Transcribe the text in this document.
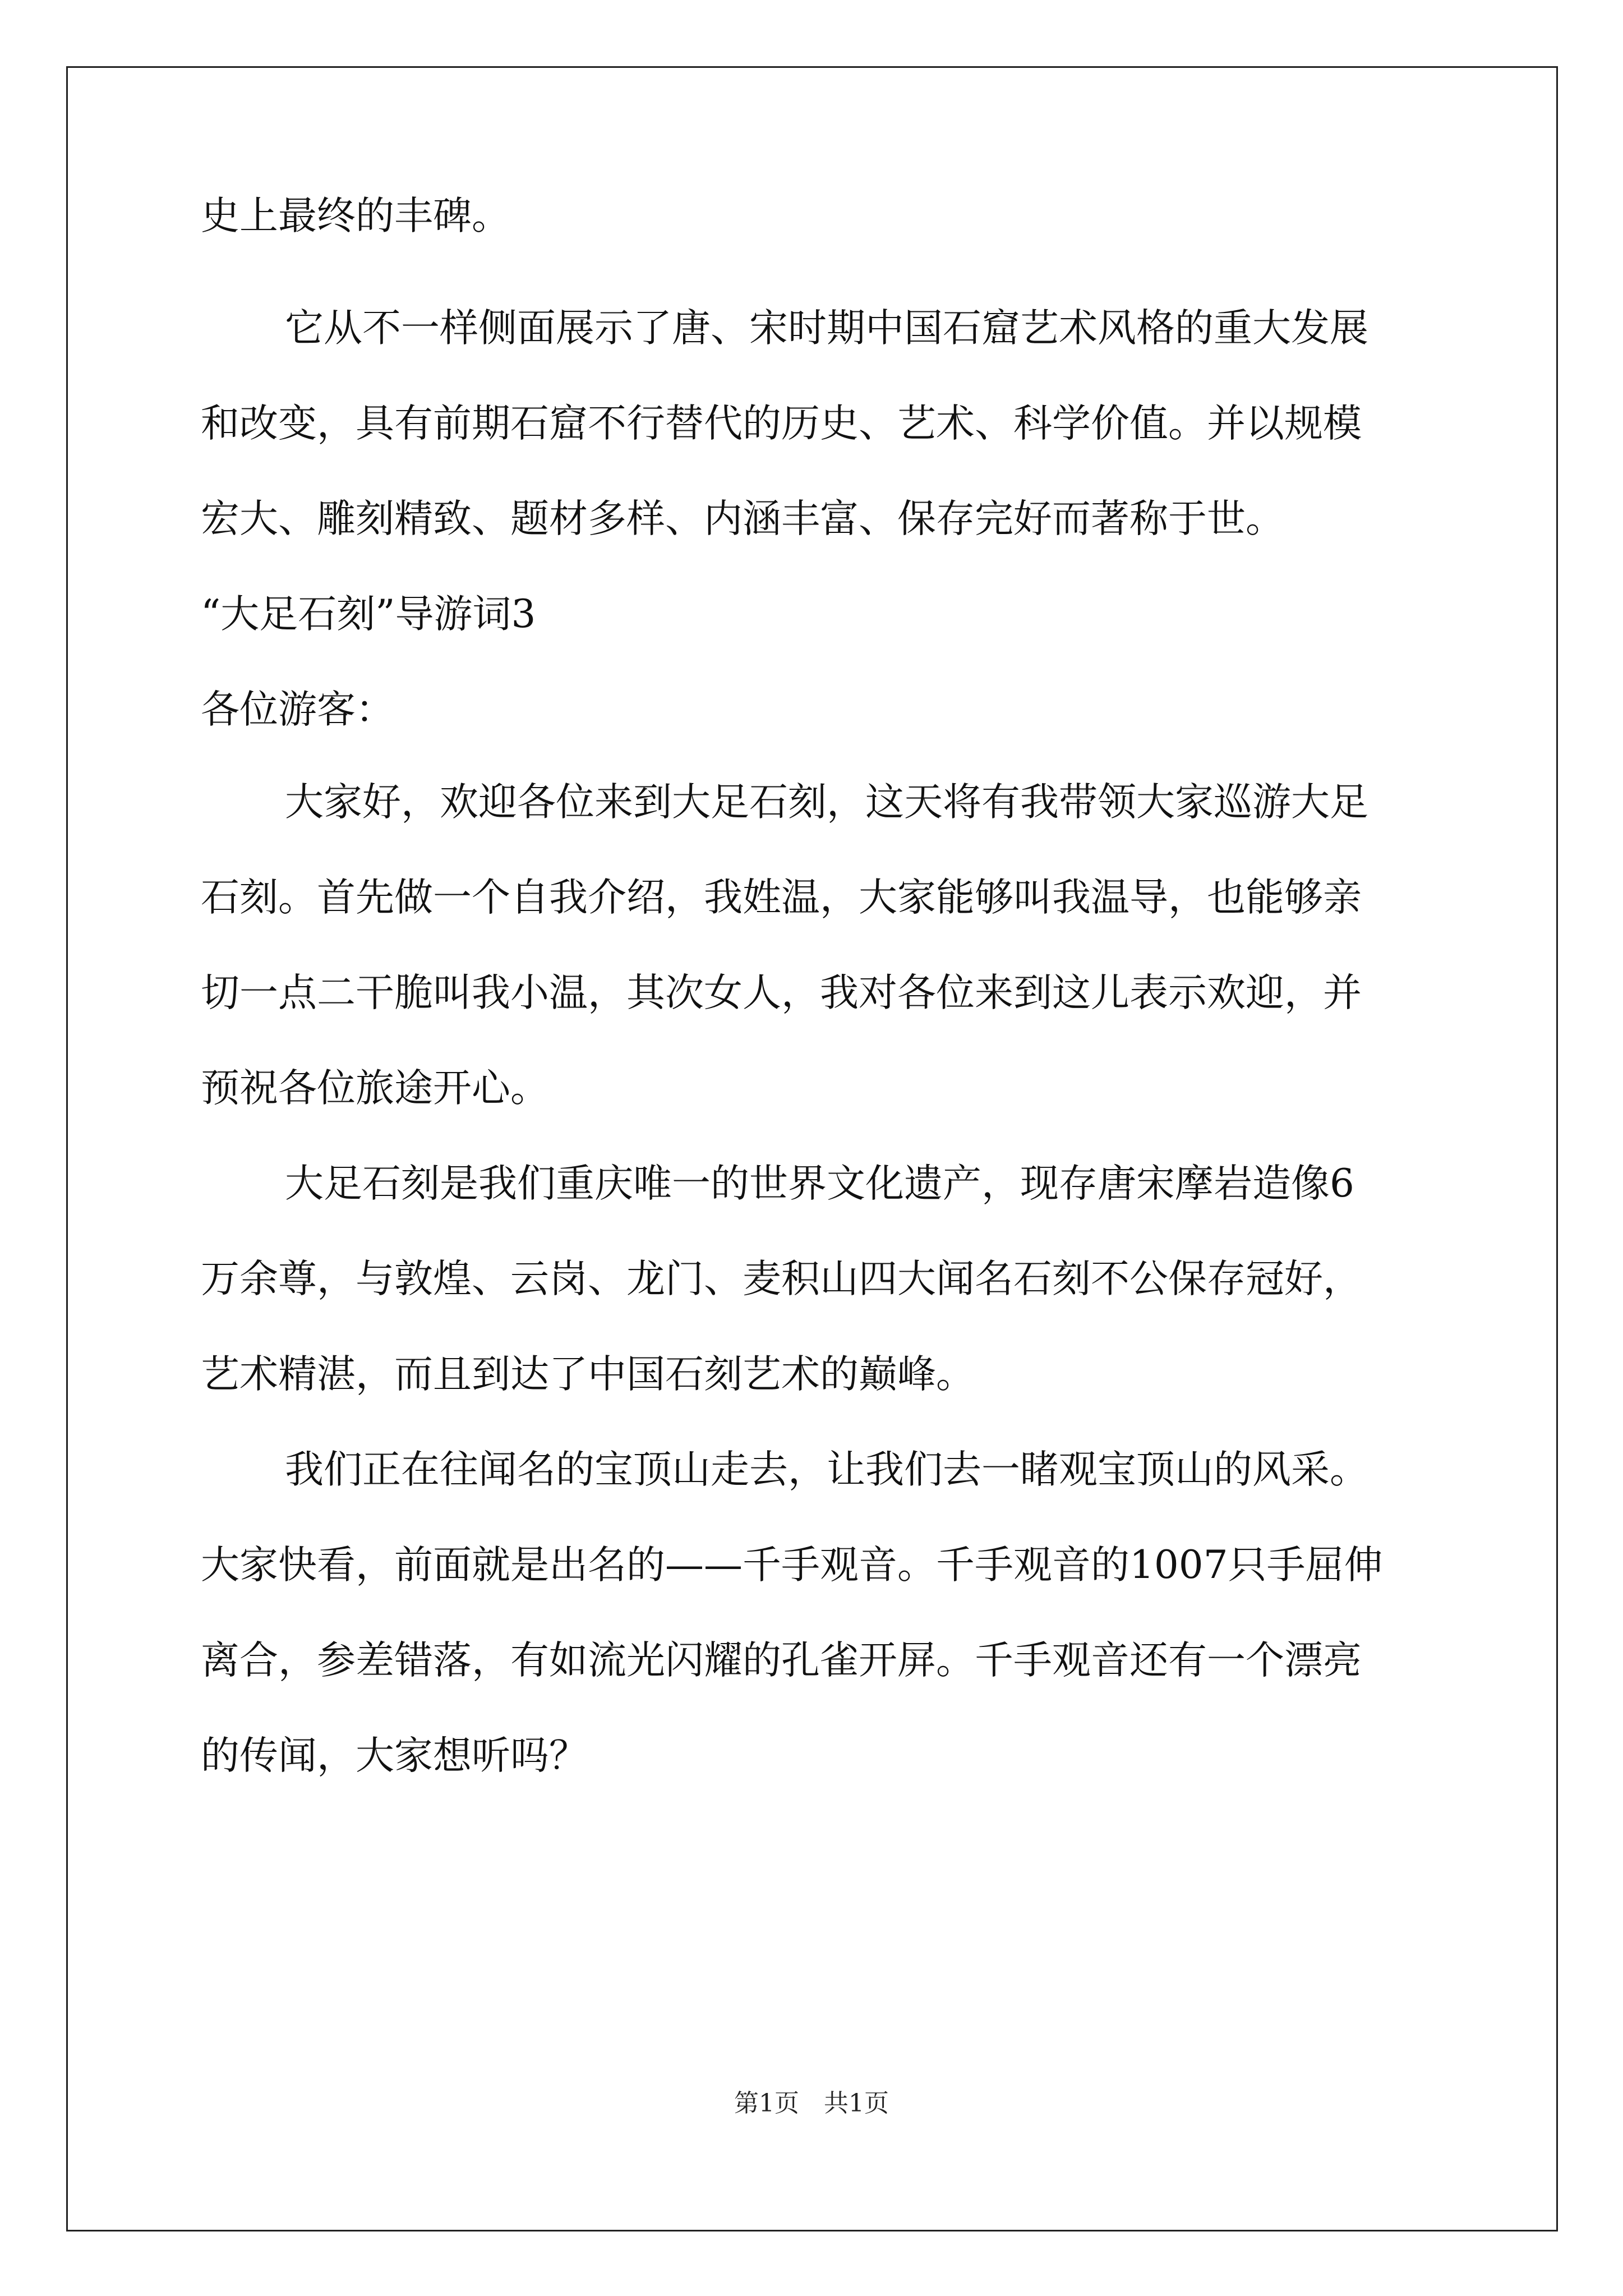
史上最终的丰碑。
它从不一样侧面展示了唐、宋时期中国石窟艺术风格的重大发展
和改变，具有前期石窟不行替代的历史、艺术、科学价值。并以规模
宏大、雕刻精致、题材多样、内涵丰富、保存完好而著称于世。
“大足石刻”导游词3
各位游客：
大家好，欢迎各位来到大足石刻，这天将有我带领大家巡游大足
石刻。首先做一个自我介绍，我姓温，大家能够叫我温导，也能够亲
切一点二干脆叫我小温，其次女人，我对各位来到这儿表示欢迎，并
预祝各位旅途开心。
大足石刻是我们重庆唯一的世界文化遗产，现存唐宋摩岩造像6
万余尊，与敦煌、云岗、龙门、麦积山四大闻名石刻不公保存冠好，
艺术精湛，而且到达了中国石刻艺术的巅峰。
我们正在往闻名的宝顶山走去，让我们去一睹观宝顶山的风采。
大家快看，前面就是出名的——千手观音。千手观音的1007只手屈伸
离合，参差错落，有如流光闪耀的孔雀开屏。千手观音还有一个漂亮
的传闻，大家想听吗？
第1页　共1页
